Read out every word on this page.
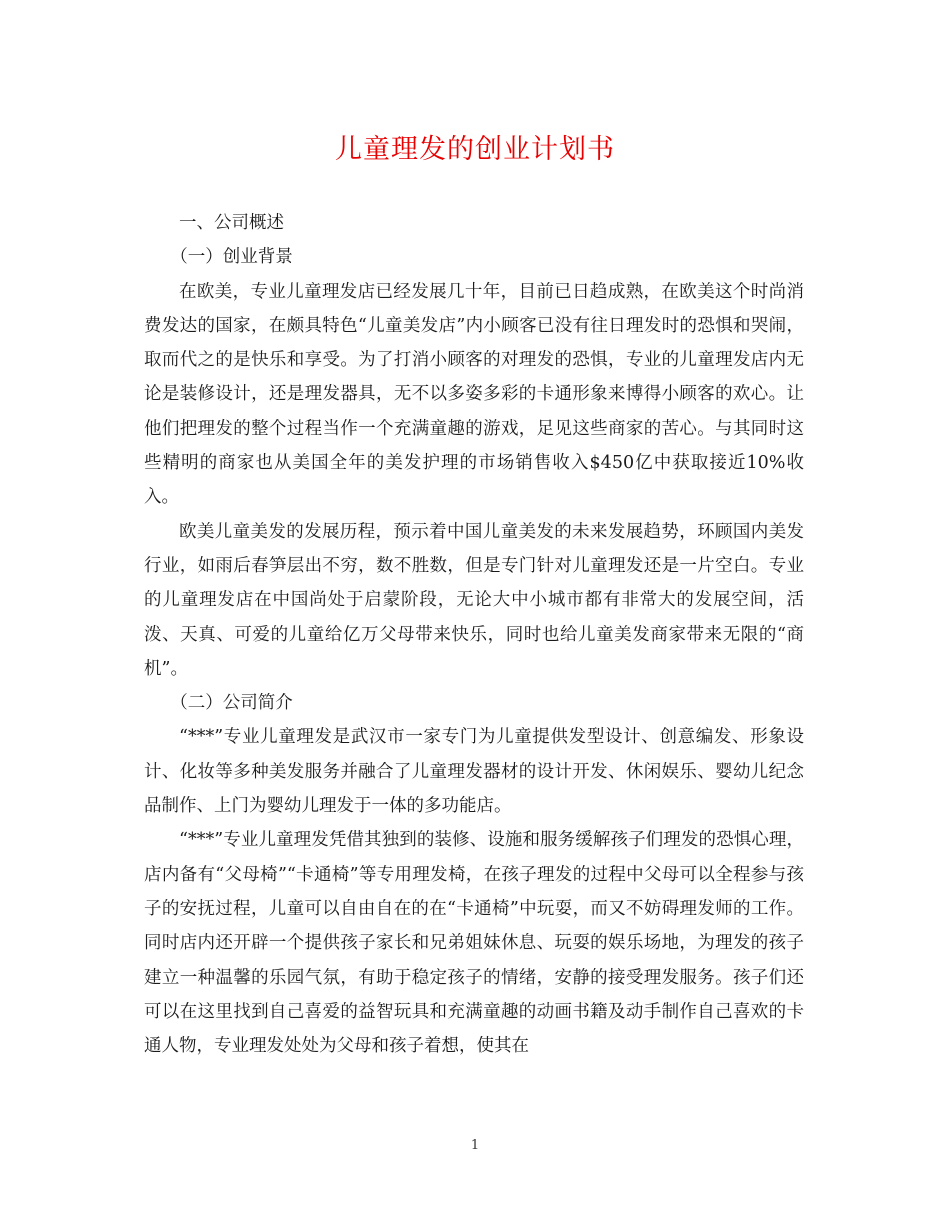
儿童理发的创业计划书

一、公司概述

（一）创业背景

在欧美，专业儿童理发店已经发展几十年，目前已日趋成熟，在欧美这个时尚消费发达的国家，在颇具特色“儿童美发店”内小顾客已没有往日理发时的恐惧和哭闹，取而代之的是快乐和享受。为了打消小顾客的对理发的恐惧，专业的儿童理发店内无论是装修设计，还是理发器具，无不以多姿多彩的卡通形象来博得小顾客的欢心。让他们把理发的整个过程当作一个充满童趣的游戏，足见这些商家的苦心。与其同时这些精明的商家也从美国全年的美发护理的市场销售收入$450亿中获取接近10%收入。

欧美儿童美发的发展历程，预示着中国儿童美发的未来发展趋势，环顾国内美发行业，如雨后春笋层出不穷，数不胜数，但是专门针对儿童理发还是一片空白。专业的儿童理发店在中国尚处于启蒙阶段，无论大中小城市都有非常大的发展空间，活泼、天真、可爱的儿童给亿万父母带来快乐，同时也给儿童美发商家带来无限的“商机”。

（二）公司简介

“***”专业儿童理发是武汉市一家专门为儿童提供发型设计、创意编发、形象设计、化妆等多种美发服务并融合了儿童理发器材的设计开发、休闲娱乐、婴幼儿纪念品制作、上门为婴幼儿理发于一体的多功能店。

“***”专业儿童理发凭借其独到的装修、设施和服务缓解孩子们理发的恐惧心理，店内备有“父母椅”“卡通椅”等专用理发椅，在孩子理发的过程中父母可以全程参与孩子的安抚过程，儿童可以自由自在的在“卡通椅”中玩耍，而又不妨碍理发师的工作。同时店内还开辟一个提供孩子家长和兄弟姐妹休息、玩耍的娱乐场地，为理发的孩子建立一种温馨的乐园气氛，有助于稳定孩子的情绪，安静的接受理发服务。孩子们还可以在这里找到自己喜爱的益智玩具和充满童趣的动画书籍及动手制作自己喜欢的卡通人物，专业理发处处为父母和孩子着想，使其在

1
